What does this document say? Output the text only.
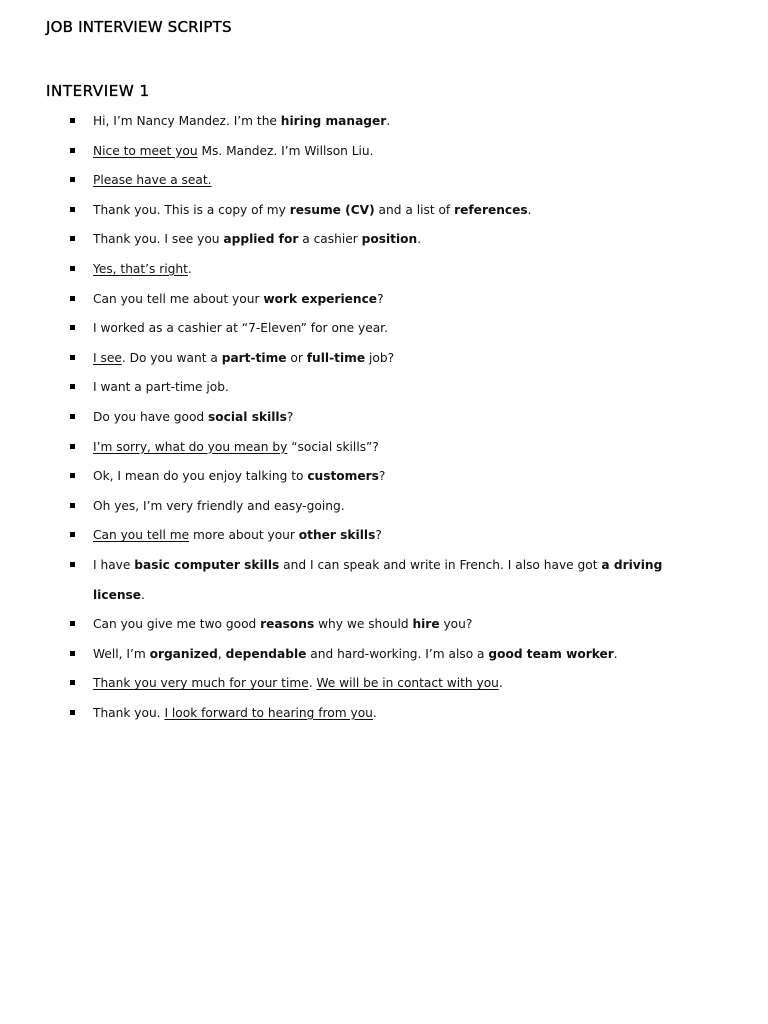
JOB INTERVIEW SCRIPTS
INTERVIEW 1
Hi, I’m Nancy Mandez. I’m the hiring manager.
Nice to meet you Ms. Mandez. I’m Willson Liu.
Please have a seat.
Thank you. This is a copy of my resume (CV) and a list of references.
Thank you. I see you applied for a cashier position.
Yes, that’s right.
Can you tell me about your work experience?
I worked as a cashier at “7-Eleven” for one year.
I see. Do you want a part-time or full-time job?
I want a part-time job.
Do you have good social skills?
I’m sorry, what do you mean by “social skills”?
Ok, I mean do you enjoy talking to customers?
Oh yes, I’m very friendly and easy-going.
Can you tell me more about your other skills?
I have basic computer skills and I can speak and write in French. I also have got a driving license.
Can you give me two good reasons why we should hire you?
Well, I’m organized, dependable and hard-working. I’m also a good team worker.
Thank you very much for your time. We will be in contact with you.
Thank you. I look forward to hearing from you.
